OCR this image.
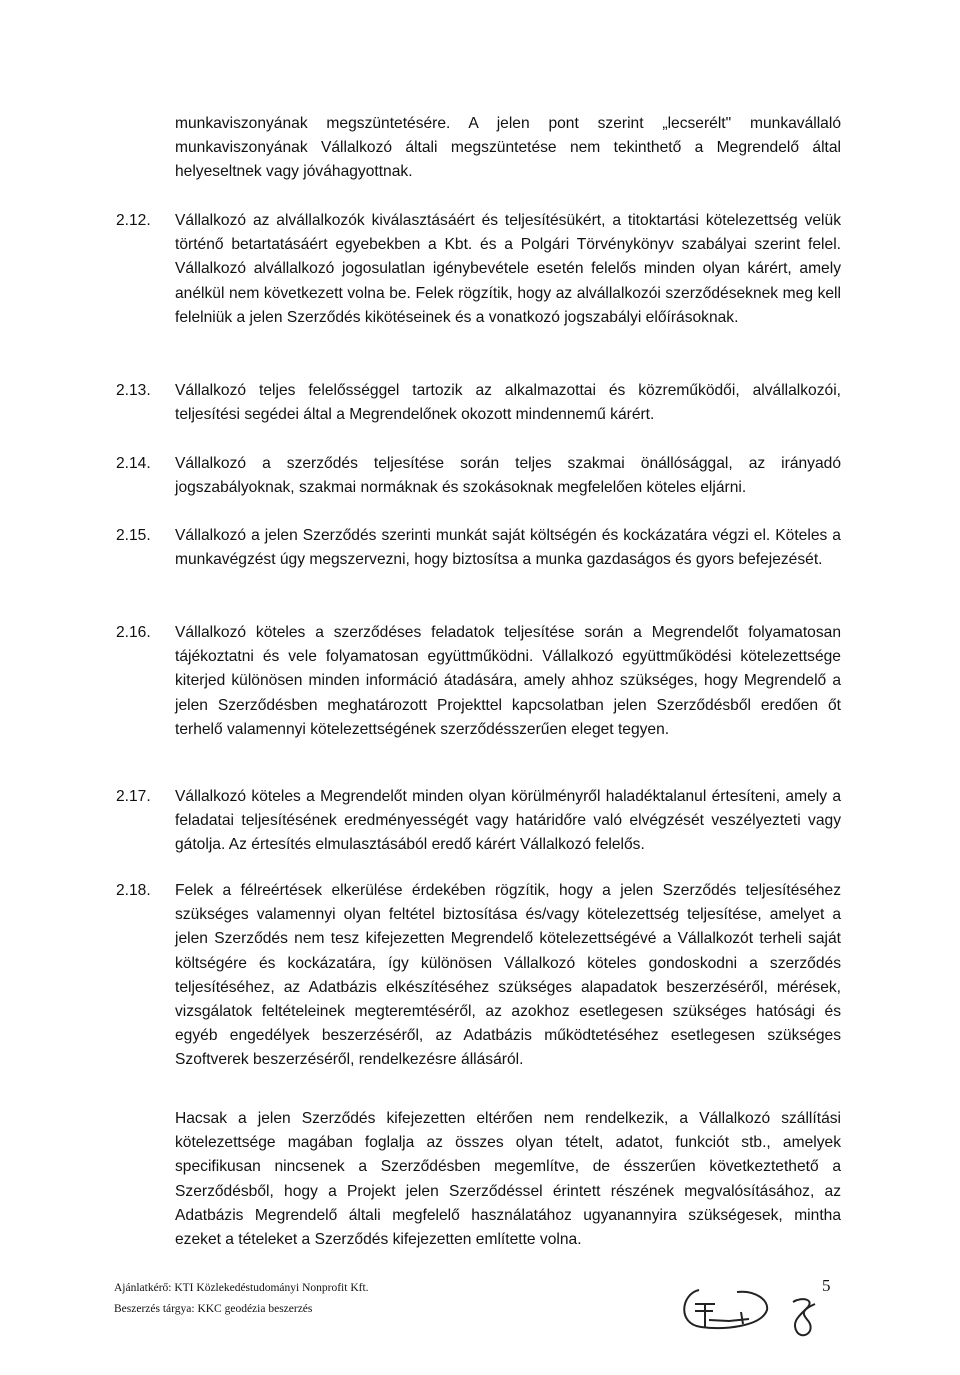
munkaviszonyának megszüntetésére. A jelen pont szerint „lecserélt" munkavállaló munkaviszonyának Vállalkozó általi megszüntetése nem tekinthető a Megrendelő által helyeseltnek vagy jóváhagyottnak.

2.12. Vállalkozó az alvállalkozók kiválasztásáért és teljesítésükért, a titoktartási kötelezettség velük történő betartatásáért egyebekben a Kbt. és a Polgári Törvénykönyv szabályai szerint felel. Vállalkozó alvállalkozó jogosulatlan igénybevétele esetén felelős minden olyan kárért, amely anélkül nem következett volna be. Felek rögzítik, hogy az alvállalkozói szerződéseknek meg kell felelniük a jelen Szerződés kikötéseinek és a vonatkozó jogszabályi előírásoknak.

2.13. Vállalkozó teljes felelősséggel tartozik az alkalmazottai és közreműködői, alvállalkozói, teljesítési segédei által a Megrendelőnek okozott mindennemű kárért.

2.14. Vállalkozó a szerződés teljesítése során teljes szakmai önállósággal, az irányadó jogszabályoknak, szakmai normáknak és szokásoknak megfelelően köteles eljárni.

2.15. Vállalkozó a jelen Szerződés szerinti munkát saját költségén és kockázatára végzi el. Köteles a munkavégzést úgy megszervezni, hogy biztosítsa a munka gazdaságos és gyors befejezését.

2.16. Vállalkozó köteles a szerződéses feladatok teljesítése során a Megrendelőt folyamatosan tájékoztatni és vele folyamatosan együttműködni. Vállalkozó együttműködési kötelezettsége kiterjed különösen minden információ átadására, amely ahhoz szükséges, hogy Megrendelő a jelen Szerződésben meghatározott Projekttel kapcsolatban jelen Szerződésből eredően őt terhelő valamennyi kötelezettségének szerződésszerűen eleget tegyen.

2.17. Vállalkozó köteles a Megrendelőt minden olyan körülményről haladéktalanul értesíteni, amely a feladatai teljesítésének eredményességét vagy határidőre való elvégzését veszélyezteti vagy gátolja. Az értesítés elmulasztásából eredő kárért Vállalkozó felelős.

2.18. Felek a félreértések elkerülése érdekében rögzítik, hogy a jelen Szerződés teljesítéséhez szükséges valamennyi olyan feltétel biztosítása és/vagy kötelezettség teljesítése, amelyet a jelen Szerződés nem tesz kifejezetten Megrendelő kötelezettségévé a Vállalkozót terheli saját költségére és kockázatára, így különösen Vállalkozó köteles gondoskodni a szerződés teljesítéséhez, az Adatbázis elkészítéséhez szükséges alapadatok beszerzéséről, mérések, vizsgálatok feltételeinek megteremtéséről, az azokhoz esetlegesen szükséges hatósági és egyéb engedélyek beszerzéséről, az Adatbázis működtetéséhez esetlegesen szükséges Szoftverek beszerzéséről, rendelkezésre állásáról.

Hacsak a jelen Szerződés kifejezetten eltérően nem rendelkezik, a Vállalkozó szállítási kötelezettsége magában foglalja az összes olyan tételt, adatot, funkciót stb., amelyek specifikusan nincsenek a Szerződésben megemlítve, de ésszerűen következtethető a Szerződésből, hogy a Projekt jelen Szerződéssel érintett részének megvalósításához, az Adatbázis Megrendelő általi megfelelő használatához ugyanannyira szükségesek, mintha ezeket a tételeket a Szerződés kifejezetten említette volna.

Ajánlatkérő: KTI Közlekedéstudományi Nonprofit Kft.
Beszerzés tárgya: KKC geodézia beszerzés
5
